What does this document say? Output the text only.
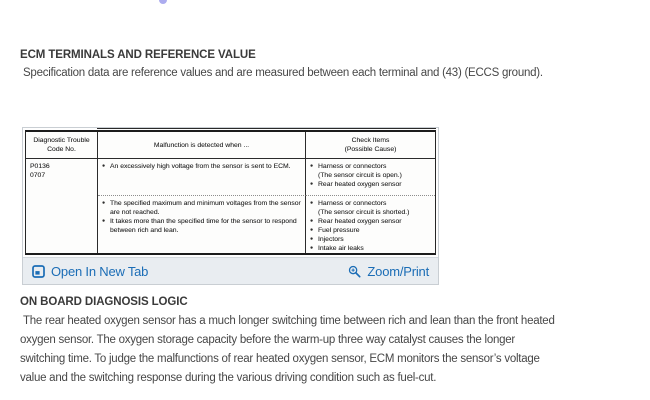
ECM TERMINALS AND REFERENCE VALUE
Specification data are reference values and are measured between each terminal and (43) (ECCS ground).
Diagnostic Trouble
Code No.
Malfunction is detected when ...
Check Items
(Possible Cause)
P0136
0707
● An excessively high voltage from the sensor is sent to ECM.	● Harness or connectors
(The sensor circuit is open.)
● Rear heated oxygen sensor
● The specified maximum and minimum voltages from the sensor are not reached.
● It takes more than the specified time for the sensor to respond between rich and lean.
● Harness or connectors
(The sensor circuit is shorted.)
● Rear heated oxygen sensor
● Fuel pressure
● Injectors
● Intake air leaks
Open In New Tab	Zoom/Print
ON BOARD DIAGNOSIS LOGIC
The rear heated oxygen sensor has a much longer switching time between rich and lean than the front heated oxygen sensor. The oxygen storage capacity before the warm-up three way catalyst causes the longer switching time. To judge the malfunctions of rear heated oxygen sensor, ECM monitors the sensor’s voltage value and the switching response during the various driving condition such as fuel-cut.
